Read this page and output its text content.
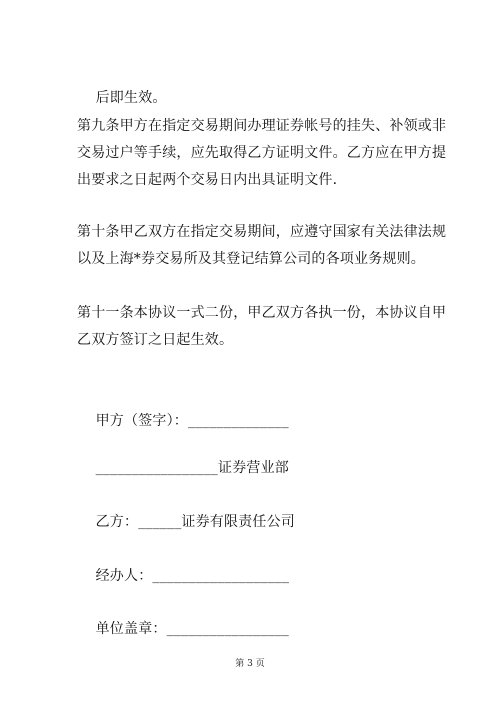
后即生效。

第九条甲方在指定交易期间办理证券帐号的挂失、补领或非
交易过户等手续，应先取得乙方证明文件。乙方应在甲方提
出要求之日起两个交易日内出具证明文件.

第十条甲乙双方在指定交易期间，应遵守国家有关法律法规
以及上海*券交易所及其登记结算公司的各项业务规则。

第十一条本协议一式二份，甲乙双方各执一份，本协议自甲
乙双方签订之日起生效。

甲方（签字）：______________

_________________证券营业部

乙方：______证券有限责任公司

经办人：___________________

单位盖章：_________________

第 3 页
